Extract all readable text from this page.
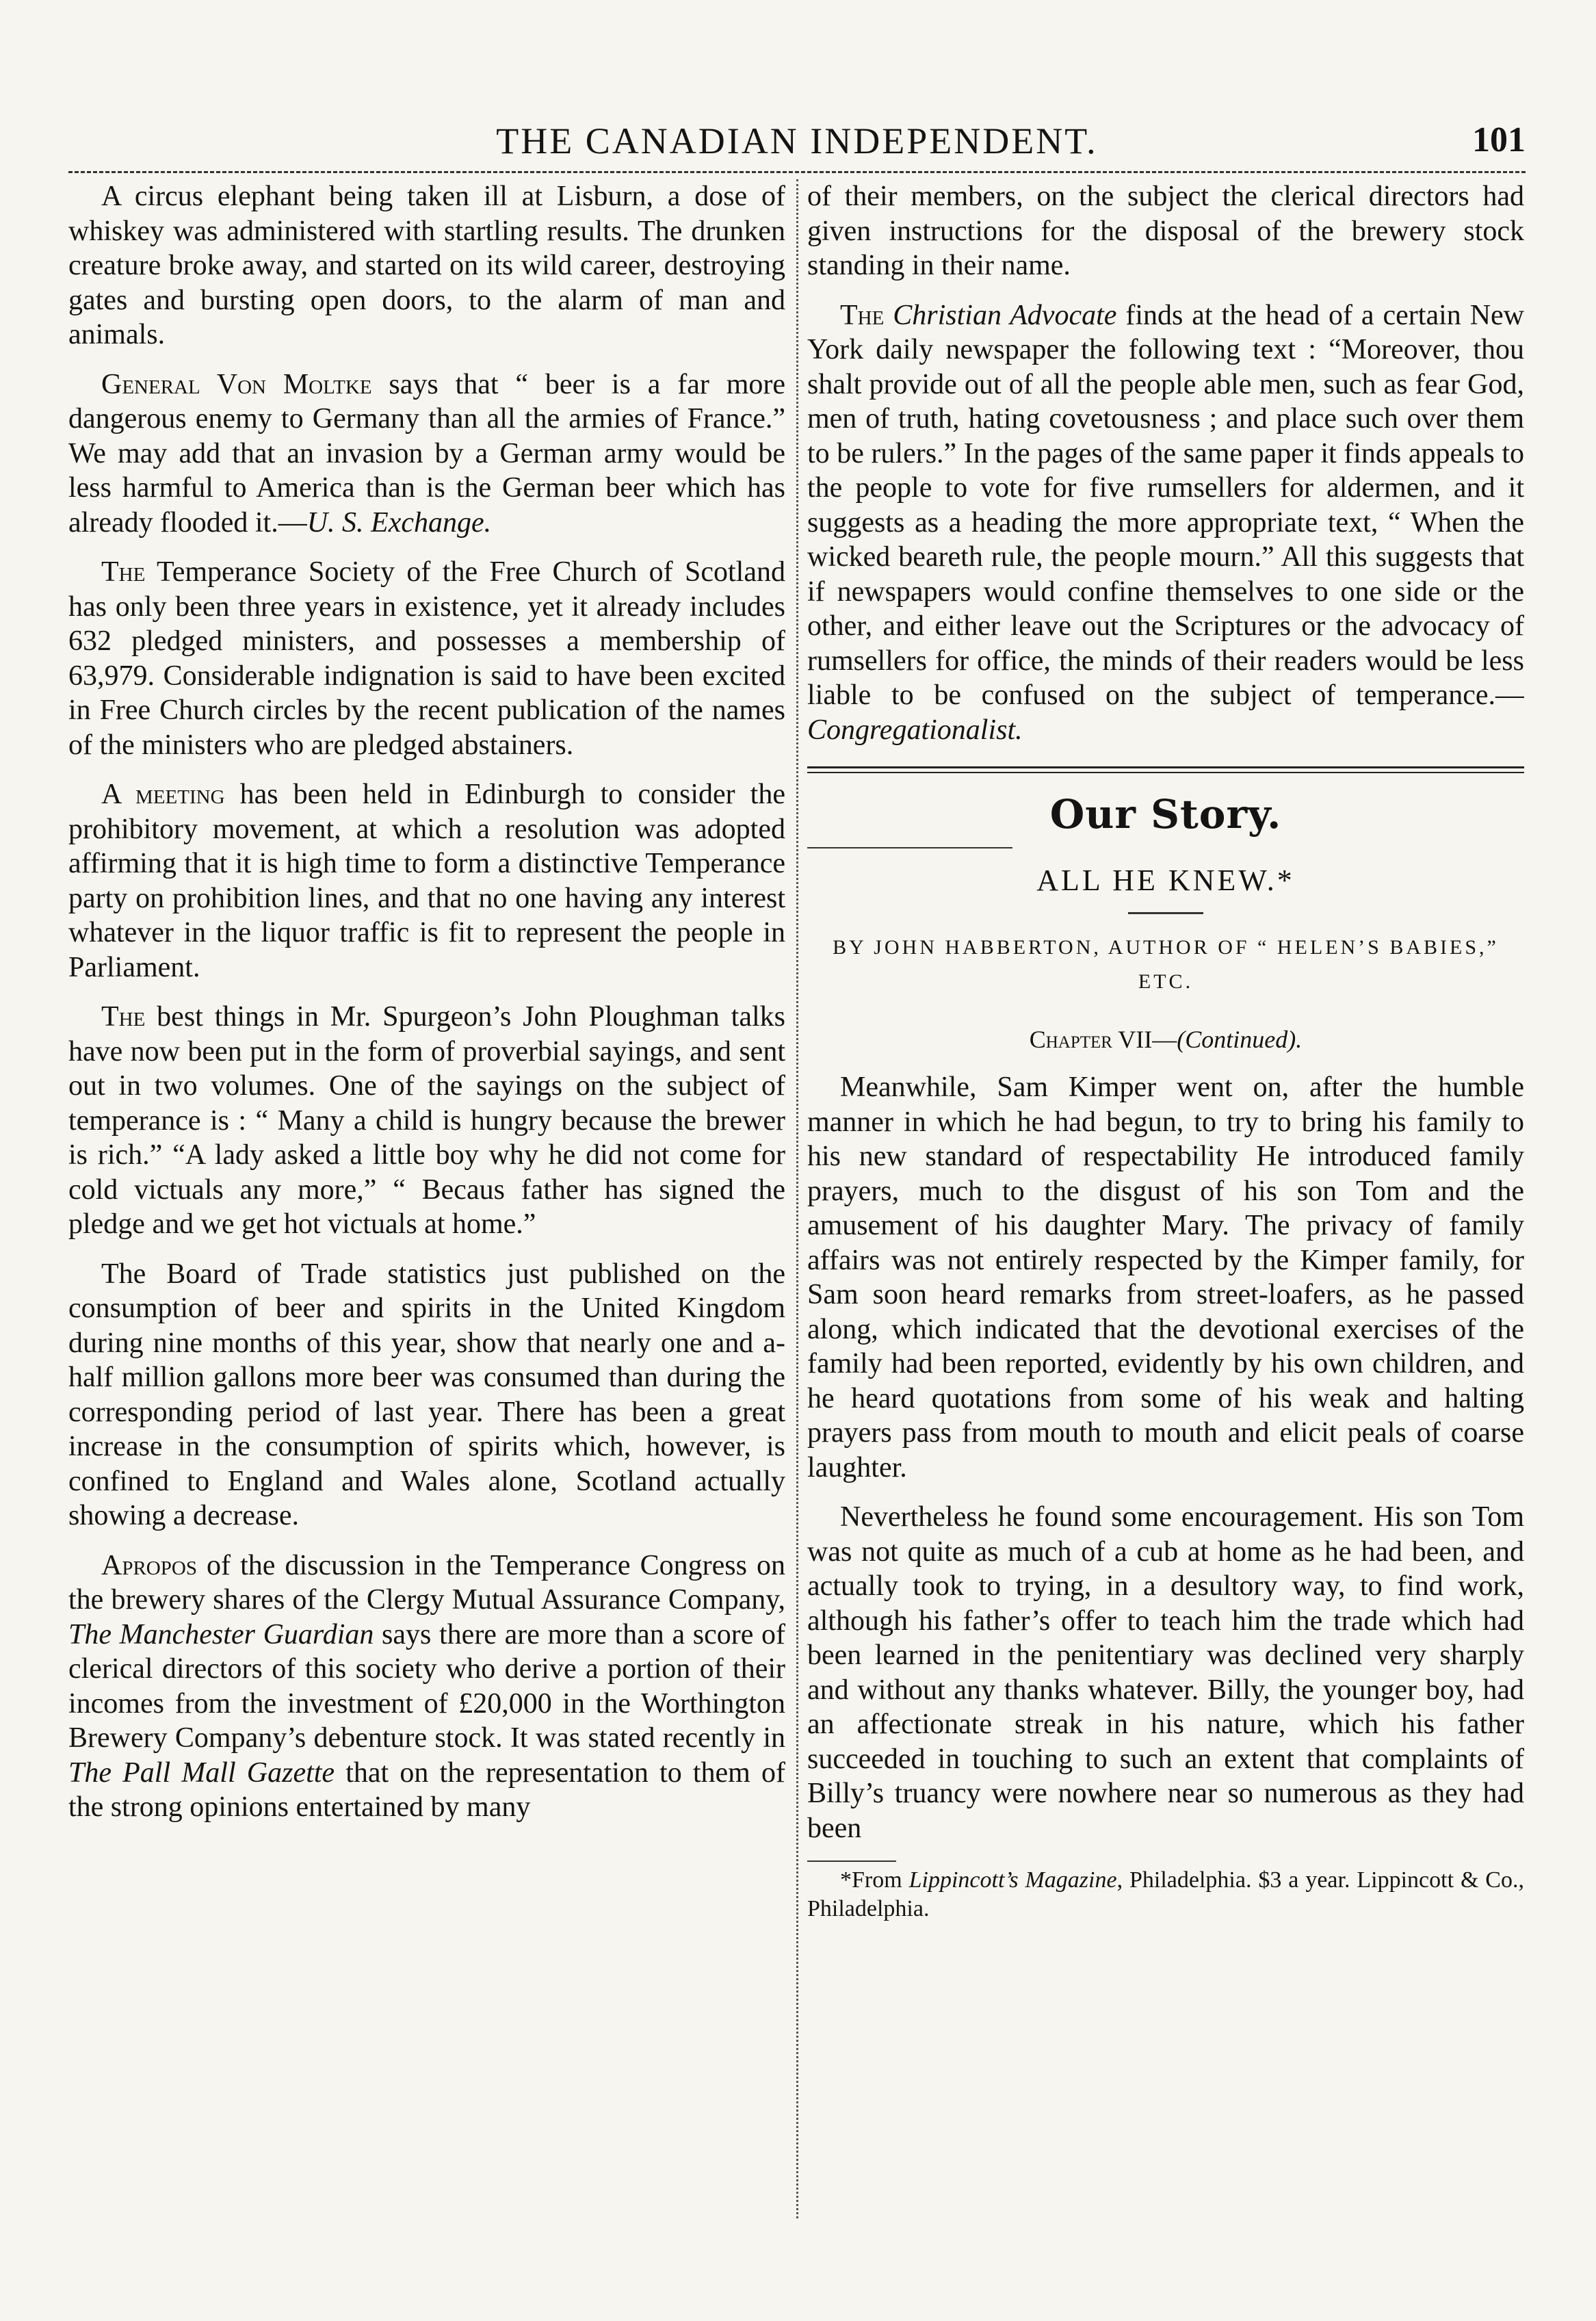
THE CANADIAN INDEPENDENT.	101

A circus elephant being taken ill at Lisburn, a dose of whiskey was administered with startling results. The drunken creature broke away, and started on its wild career, destroying gates and bursting open doors, to the alarm of man and animals.

General Von Moltke says that “ beer is a far more dangerous enemy to Germany than all the armies of France.” We may add that an invasion by a German army would be less harmful to America than is the German beer which has already flooded it.—U. S. Exchange.

The Temperance Society of the Free Church of Scotland has only been three years in existence, yet it already includes 632 pledged ministers, and possesses a membership of 63,979. Considerable indignation is said to have been excited in Free Church circles by the recent publication of the names of the ministers who are pledged abstainers.

A meeting has been held in Edinburgh to consider the prohibitory movement, at which a resolution was adopted affirming that it is high time to form a distinctive Temperance party on prohibition lines, and that no one having any interest whatever in the liquor traffic is fit to represent the people in Parliament.

The best things in Mr. Spurgeon’s John Ploughman talks have now been put in the form of proverbial sayings, and sent out in two volumes. One of the sayings on the subject of temperance is : “ Many a child is hungry because the brewer is rich.” “A lady asked a little boy why he did not come for cold victuals any more,” “ Becaus father has signed the pledge and we get hot victuals at home.”

The Board of Trade statistics just published on the consumption of beer and spirits in the United Kingdom during nine months of this year, show that nearly one and a-half million gallons more beer was consumed than during the corresponding period of last year. There has been a great increase in the consumption of spirits which, however, is confined to England and Wales alone, Scotland actually showing a decrease.

Apropos of the discussion in the Temperance Congress on the brewery shares of the Clergy Mutual Assurance Company, The Manchester Guardian says there are more than a score of clerical directors of this society who derive a portion of their incomes from the investment of £20,000 in the Worthington Brewery Company’s debenture stock. It was stated recently in The Pall Mall Gazette that on the representation to them of the strong opinions entertained by many

of their members, on the subject the clerical directors had given instructions for the disposal of the brewery stock standing in their name.

The Christian Advocate finds at the head of a certain New York daily newspaper the following text : “Moreover, thou shalt provide out of all the people able men, such as fear God, men of truth, hating covetousness ; and place such over them to be rulers.” In the pages of the same paper it finds appeals to the people to vote for five rumsellers for aldermen, and it suggests as a heading the more appropriate text, “ When the wicked beareth rule, the people mourn.” All this suggests that if newspapers would confine themselves to one side or the other, and either leave out the Scriptures or the advocacy of rumsellers for office, the minds of their readers would be less liable to be confused on the subject of temperance.—Congregationalist.

Our Story.
ALL HE KNEW.*
BY JOHN HABBERTON, AUTHOR OF “ HELEN’S BABIES,” ETC.
Chapter VII—(Continued).

Meanwhile, Sam Kimper went on, after the humble manner in which he had begun, to try to bring his family to his new standard of respectability He introduced family prayers, much to the disgust of his son Tom and the amusement of his daughter Mary. The privacy of family affairs was not entirely respected by the Kimper family, for Sam soon heard remarks from street-loafers, as he passed along, which indicated that the devotional exercises of the family had been reported, evidently by his own children, and he heard quotations from some of his weak and halting prayers pass from mouth to mouth and elicit peals of coarse laughter.

Nevertheless he found some encouragement. His son Tom was not quite as much of a cub at home as he had been, and actually took to trying, in a desultory way, to find work, although his father’s offer to teach him the trade which had been learned in the penitentiary was declined very sharply and without any thanks whatever. Billy, the younger boy, had an affectionate streak in his nature, which his father succeeded in touching to such an extent that complaints of Billy’s truancy were nowhere near so numerous as they had been

*From Lippincott’s Magazine, Philadelphia. $3 a year. Lippincott & Co., Philadelphia.
